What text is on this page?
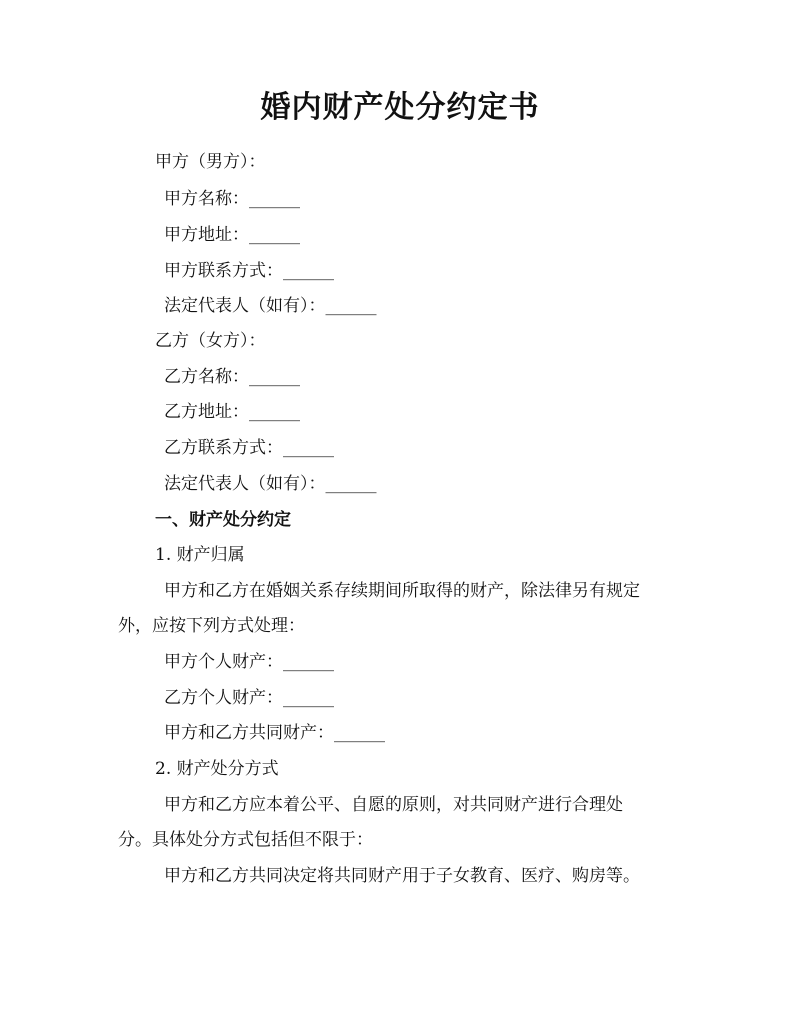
婚内财产处分约定书
甲方（男方）：
甲方名称：______
甲方地址：______
甲方联系方式：______
法定代表人（如有）：______
乙方（女方）：
乙方名称：______
乙方地址：______
乙方联系方式：______
法定代表人（如有）：______
一、财产处分约定
1. 财产归属
甲方和乙方在婚姻关系存续期间所取得的财产，除法律另有规定
外，应按下列方式处理：
甲方个人财产：______
乙方个人财产：______
甲方和乙方共同财产：______
2. 财产处分方式
甲方和乙方应本着公平、自愿的原则，对共同财产进行合理处
分。具体处分方式包括但不限于：
甲方和乙方共同决定将共同财产用于子女教育、医疗、购房等。
